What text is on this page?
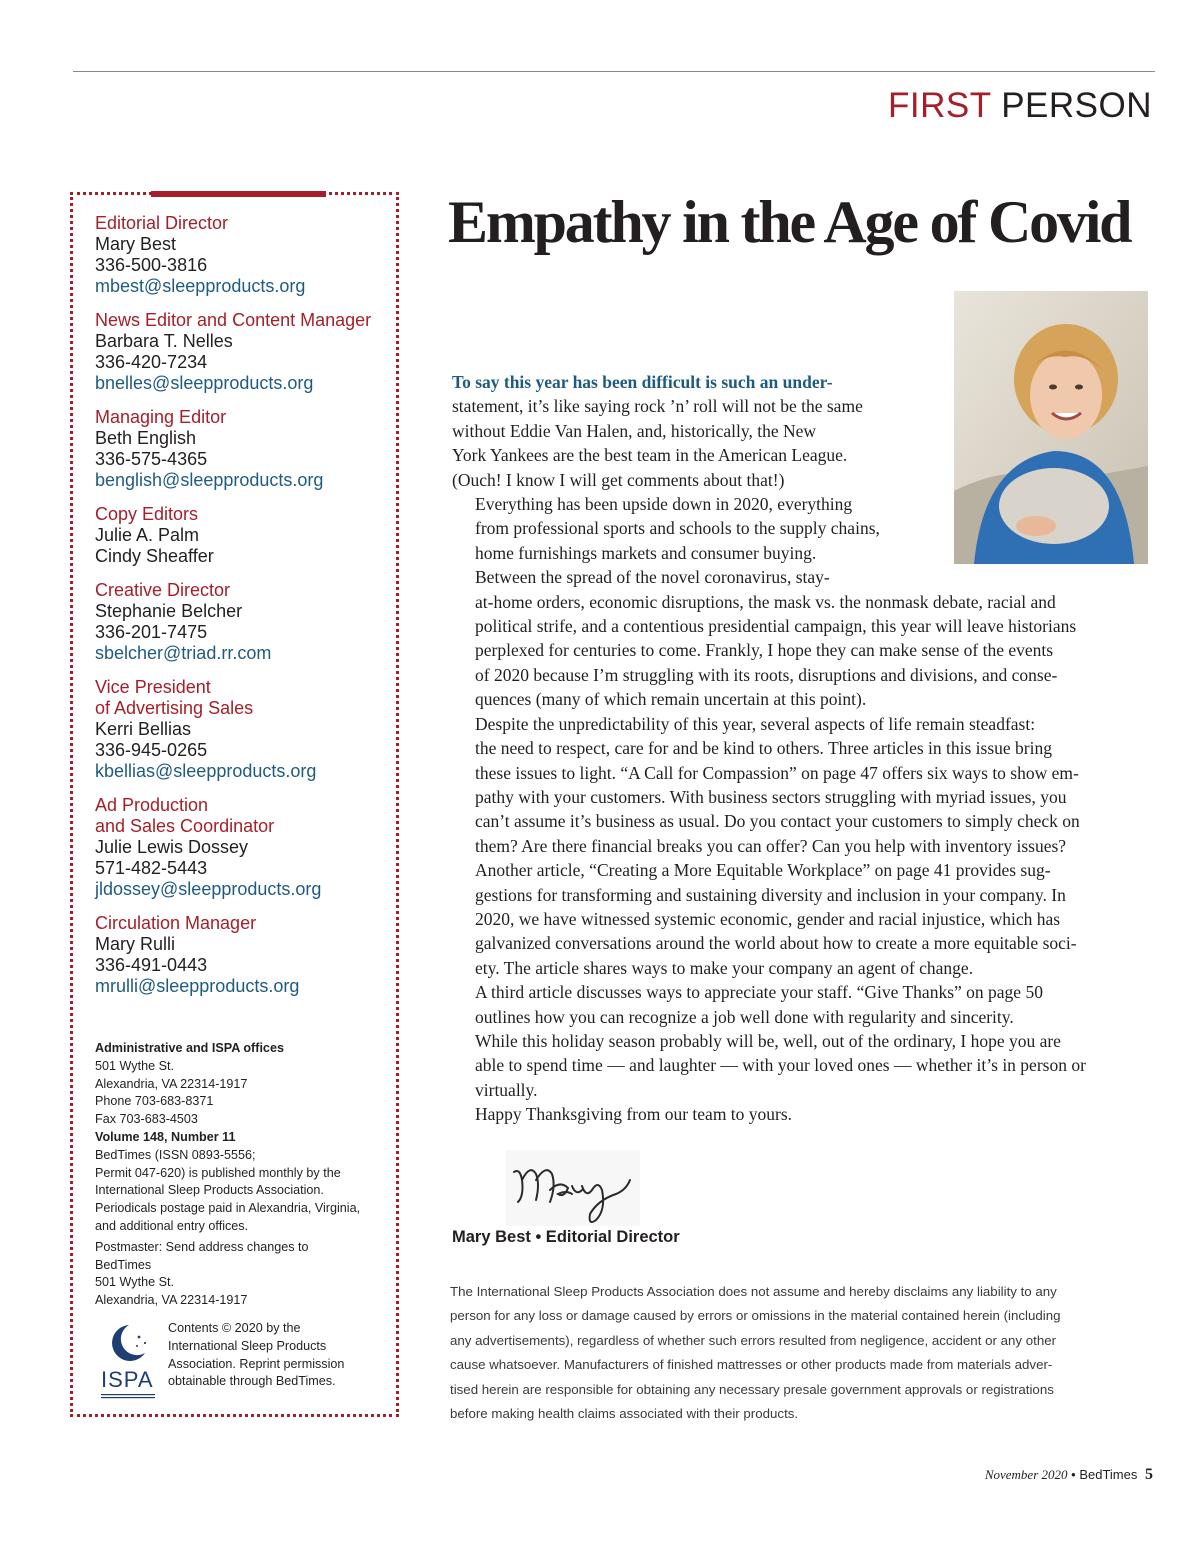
FIRST PERSON
Editorial Director
Mary Best
336-500-3816
mbest@sleepproducts.org
News Editor and Content Manager
Barbara T. Nelles
336-420-7234
bnelles@sleepproducts.org
Managing Editor
Beth English
336-575-4365
benglish@sleepproducts.org
Copy Editors
Julie A. Palm
Cindy Sheaffer
Creative Director
Stephanie Belcher
336-201-7475
sbelcher@triad.rr.com
Vice President
of Advertising Sales
Kerri Bellias
336-945-0265
kbellias@sleepproducts.org
Ad Production
and Sales Coordinator
Julie Lewis Dossey
571-482-5443
jldossey@sleepproducts.org
Circulation Manager
Mary Rulli
336-491-0443
mrulli@sleepproducts.org

Administrative and ISPA offices

501 Wythe St.
Alexandria, VA 22314-1917
Phone 703-683-8371
Fax 703-683-4503

Volume 148, Number 11

BedTimes (ISSN 0893-5556;
Permit 047-620) is published monthly by the
International Sleep Products Association.
Periodicals postage paid in Alexandria, Virginia,
and additional entry offices.
Postmaster: Send address changes to
BedTimes
501 Wythe St.
Alexandria, VA 22314-1917
ISPA
Contents © 2020 by the
International Sleep Products
Association. Reprint permission
obtainable through BedTimes.
Empathy in the Age of Covid

To say this year has been difficult is such an under-
statement, it’s like saying rock ’n’ roll will not be the same
without Eddie Van Halen, and, historically, the New
York Yankees are the best team in the American League.
(Ouch! I know I will get comments about that!)

Everything has been upside down in 2020, everything
from professional sports and schools to the supply chains,
home furnishings markets and consumer buying.

Between the spread of the novel coronavirus, stay-
at-home orders, economic disruptions, the mask vs. the nonmask debate, racial and
political strife, and a contentious presidential campaign, this year will leave historians
perplexed for centuries to come. Frankly, I hope they can make sense of the events
of 2020 because I’m struggling with its roots, disruptions and divisions, and conse-
quences (many of which remain uncertain at this point).

Despite the unpredictability of this year, several aspects of life remain steadfast:
the need to respect, care for and be kind to others. Three articles in this issue bring
these issues to light. “A Call for Compassion” on page 47 offers six ways to show em-
pathy with your customers. With business sectors struggling with myriad issues, you
can’t assume it’s business as usual. Do you contact your customers to simply check on
them? Are there financial breaks you can offer? Can you help with inventory issues?

Another article, “Creating a More Equitable Workplace” on page 41 provides sug-
gestions for transforming and sustaining diversity and inclusion in your company. In
2020, we have witnessed systemic economic, gender and racial injustice, which has
galvanized conversations around the world about how to create a more equitable soci-
ety. The article shares ways to make your company an agent of change.

A third article discusses ways to appreciate your staff. “Give Thanks” on page 50
outlines how you can recognize a job well done with regularity and sincerity.

While this holiday season probably will be, well, out of the ordinary, I hope you are
able to spend time — and laughter — with your loved ones — whether it’s in person or
virtually.

Happy Thanksgiving from our team to yours.

Mary Best • Editorial Director
The International Sleep Products Association does not assume and hereby disclaims any liability to any
person for any loss or damage caused by errors or omissions in the material contained herein (including
any advertisements), regardless of whether such errors resulted from negligence, accident or any other
cause whatsoever. Manufacturers of finished mattresses or other products made from materials adver-
tised herein are responsible for obtaining any necessary presale government approvals or registrations
before making health claims associated with their products.
November 2020 • BedTimes 5
